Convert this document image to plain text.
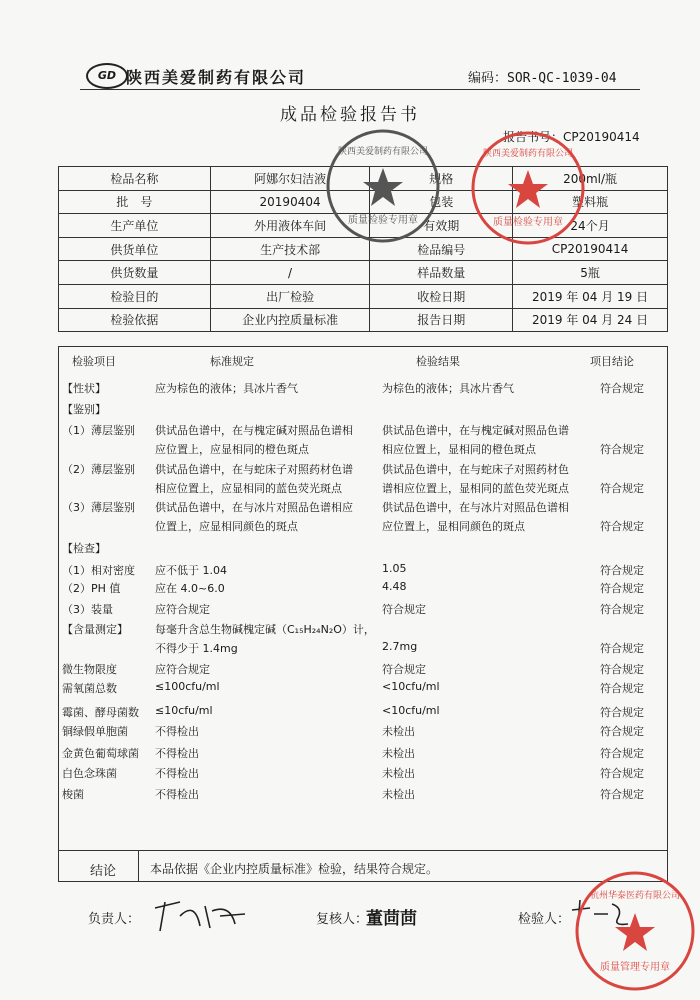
GD 陕西美爱制药有限公司	编码：SOR-QC-1039-04
成品检验报告书
报告书号：CP20190414
检品名称	阿娜尔妇洁液	规格	200ml/瓶
批　号	20190404	包装	塑料瓶
生产单位	外用液体车间	有效期	24个月
供货单位	生产技术部	检品编号	CP20190414
供货数量	/	样品数量	5瓶
检验目的	出厂检验	收检日期	2019 年 04 月 19 日
检验依据	企业内控质量标准	报告日期	2019 年 04 月 24 日
检验项目	标准规定	检验结果	项目结论
【性状】	应为棕色的液体；具冰片香气	为棕色的液体；具冰片香气	符合规定
【鉴别】
（1）薄层鉴别 供试品色谱中，在与槐定碱对照品色谱相	供试品色谱中，在与槐定碱对照品色谱
应位置上，应显相同的橙色斑点	相应位置上，显相同的橙色斑点	符合规定
（2）薄层鉴别 供试品色谱中，在与蛇床子对照药材色谱	供试品色谱中，在与蛇床子对照药材色
相应位置上，应显相同的蓝色荧光斑点	谱相应位置上，显相同的蓝色荧光斑点	符合规定
（3）薄层鉴别 供试品色谱中，在与冰片对照品色谱相应	供试品色谱中，在与冰片对照品色谱相
位置上，应显相同颜色的斑点	应位置上，显相同颜色的斑点	符合规定
【检查】
（1）相对密度 应不低于 1.04	1.05	符合规定
（2）PH 值	应在 4.0~6.0	4.48	符合规定
（3）装量	应符合规定	符合规定	符合规定
【含量测定】 每毫升含总生物碱槐定碱（C₁₅H₂₄N₂O）计，
不得少于 1.4mg	2.7mg	符合规定
微生物限度	应符合规定	符合规定	符合规定
需氧菌总数	≤100cfu/ml	<10cfu/ml	符合规定
霉菌、酵母菌数 ≤10cfu/ml	<10cfu/ml	符合规定
铜绿假单胞菌 不得检出	未检出	符合规定
金黄色葡萄球菌 不得检出	未检出	符合规定
白色念珠菌	不得检出	未检出	符合规定
梭菌	不得检出	未检出	符合规定
结论	本品依据《企业内控质量标准》检验，结果符合规定。
负责人：	复核人：
董茴茴	检验人：
质量检验专用章
陕西美爱制药有限公司	陕西美爱制药有限公司
质量检验专用章
杭州华泰医药有限公司
质量管理专用章
